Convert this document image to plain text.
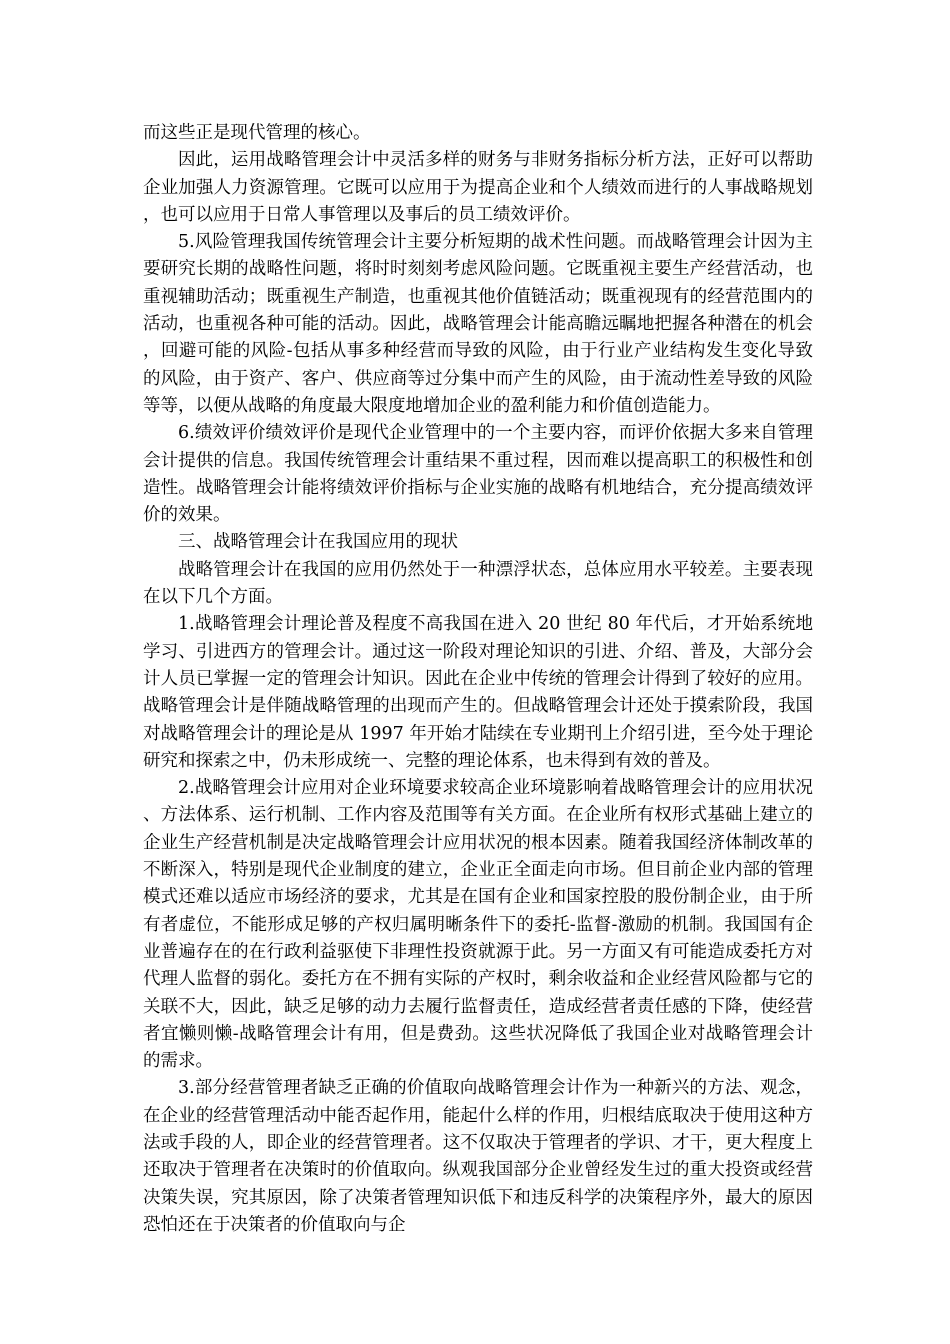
而这些正是现代管理的核心。

因此，运用战略管理会计中灵活多样的财务与非财务指标分析方法，正好可以帮助企业加强人力资源管理。它既可以应用于为提高企业和个人绩效而进行的人事战略规划，也可以应用于日常人事管理以及事后的员工绩效评价。

5.风险管理我国传统管理会计主要分析短期的战术性问题。而战略管理会计因为主要研究长期的战略性问题，将时时刻刻考虑风险问题。它既重视主要生产经营活动，也重视辅助活动；既重视生产制造，也重视其他价值链活动；既重视现有的经营范围内的活动，也重视各种可能的活动。因此，战略管理会计能高瞻远瞩地把握各种潜在的机会，回避可能的风险-包括从事多种经营而导致的风险，由于行业产业结构发生变化导致的风险，由于资产、客户、供应商等过分集中而产生的风险，由于流动性差导致的风险等等，以便从战略的角度最大限度地增加企业的盈利能力和价值创造能力。

6.绩效评价绩效评价是现代企业管理中的一个主要内容，而评价依据大多来自管理会计提供的信息。我国传统管理会计重结果不重过程，因而难以提高职工的积极性和创造性。战略管理会计能将绩效评价指标与企业实施的战略有机地结合，充分提高绩效评价的效果。

三、战略管理会计在我国应用的现状

战略管理会计在我国的应用仍然处于一种漂浮状态，总体应用水平较差。主要表现在以下几个方面。

1.战略管理会计理论普及程度不高我国在进入 20 世纪 80 年代后，才开始系统地学习、引进西方的管理会计。通过这一阶段对理论知识的引进、介绍、普及，大部分会计人员已掌握一定的管理会计知识。因此在企业中传统的管理会计得到了较好的应用。战略管理会计是伴随战略管理的出现而产生的。但战略管理会计还处于摸索阶段，我国对战略管理会计的理论是从 1997 年开始才陆续在专业期刊上介绍引进，至今处于理论研究和探索之中，仍未形成统一、完整的理论体系，也未得到有效的普及。

2.战略管理会计应用对企业环境要求较高企业环境影响着战略管理会计的应用状况、方法体系、运行机制、工作内容及范围等有关方面。在企业所有权形式基础上建立的企业生产经营机制是决定战略管理会计应用状况的根本因素。随着我国经济体制改革的不断深入，特别是现代企业制度的建立，企业正全面走向市场。但目前企业内部的管理模式还难以适应市场经济的要求，尤其是在国有企业和国家控股的股份制企业，由于所有者虚位，不能形成足够的产权归属明晰条件下的委托-监督-激励的机制。我国国有企业普遍存在的在行政利益驱使下非理性投资就源于此。另一方面又有可能造成委托方对代理人监督的弱化。委托方在不拥有实际的产权时，剩余收益和企业经营风险都与它的关联不大，因此，缺乏足够的动力去履行监督责任，造成经营者责任感的下降，使经营者宜懒则懒-战略管理会计有用，但是费劲。这些状况降低了我国企业对战略管理会计的需求。

3.部分经营管理者缺乏正确的价值取向战略管理会计作为一种新兴的方法、观念，在企业的经营管理活动中能否起作用，能起什么样的作用，归根结底取决于使用这种方法或手段的人，即企业的经营管理者。这不仅取决于管理者的学识、才干，更大程度上还取决于管理者在决策时的价值取向。纵观我国部分企业曾经发生过的重大投资或经营决策失误，究其原因，除了决策者管理知识低下和违反科学的决策程序外，最大的原因恐怕还在于决策者的价值取向与企
